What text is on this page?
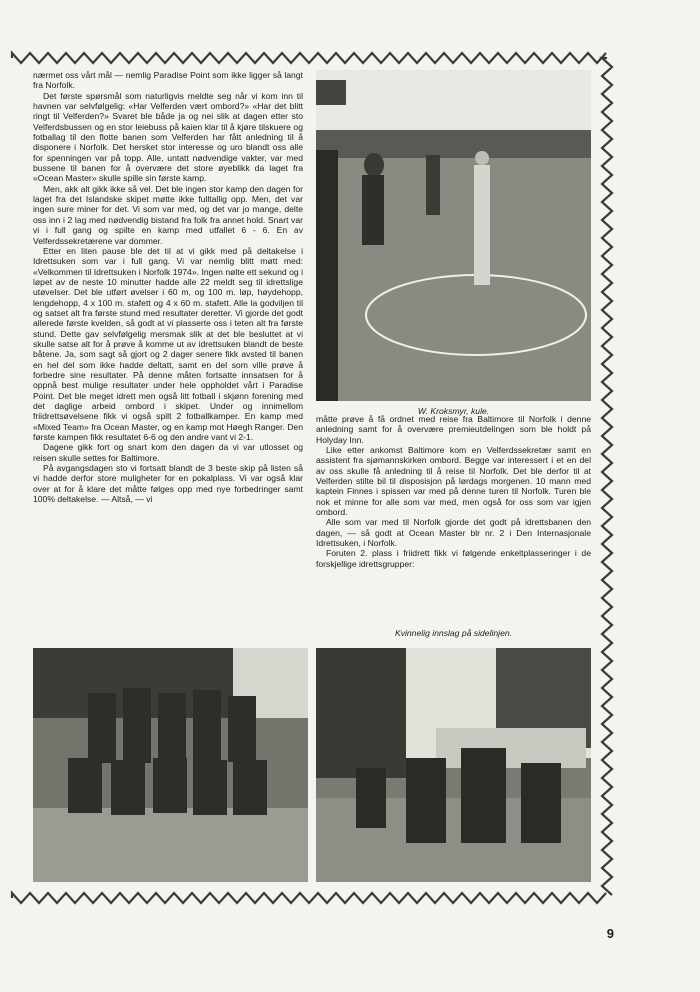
nærmet oss vårt mål — nemlig Paradise Point som ikke ligger så langt fra Norfolk.

Det første spørsmål som naturligvis meldte seg når vi kom inn til havnen var selvfølgelig: «Har Velferden vært ombord?» «Har det blitt ringt til Velferden?» Svaret ble både ja og nei slik at dagen etter sto Velferdsbussen og en stor leiebuss på kaien klar til å kjøre tilskuere og fotballag til den flotte banen som Velferden har fått anledning til å disponere i Norfolk. Det hersket stor interesse og uro blandt oss alle for spenningen var på topp. Alle, untatt nødvendige vakter, var med bussene til banen for å overvære det store øyeblikk da laget fra «Ocean Master» skulle spille sin første kamp.

Men, akk alt gikk ikke så vel. Det ble ingen stor kamp den dagen for laget fra det Islandske skipet møtte ikke fulltallig opp. Men, det var ingen sure miner for det. Vi som var med, og det var jo mange, delte oss inn i 2 lag med nødvendig bistand fra folk fra annet hold. Snart var vi i full gang og spilte en kamp med utfallet 6 - 6. En av Velferdssekretærene var dommer.

Etter en liten pause ble det til at vi gikk med på deltakelse i Idrettsuken som var i full gang. Vi var nemlig blitt møtt med: «Velkommen til Idrettsuken i Norfolk 1974». Ingen nølte ett sekund og i løpet av de neste 10 minutter hadde alle 22 meldt seg til idrettslige utøvelser. Det ble utført øvelser i 60 m, og 100 m. løp, høydehopp, lengdehopp, 4 x 100 m. stafett og 4 x 60 m. stafett. Alle la godviljen til og satset alt fra første stund med resultater deretter. Vi gjorde det godt allerede første kvelden, så godt at vi plasserte oss i teten alt fra første stund. Dette gav selvfølgelig mersmak slik at det ble besluttet at vi skulle satse alt for å prøve å komme ut av idrettsuken blandt de beste båtene. Ja, som sagt så gjort og 2 dager senere fikk avsted til banen en hel del som ikke hadde deltatt, samt en del som ville prøve å forbedre sine resultater. På denne måten fortsatte innsatsen for å oppnå best mulige resultater under hele oppholdet vårt i Paradise Point. Det ble meget idrett men også litt fotball i skjønn forening med det daglige arbeid ombord i skipet. Under og innimellom friidrettsøvelsene fikk vi også spilt 2 fotballkamper. En kamp med «Mixed Team» fra Ocean Master, og en kamp mot Høegh Ranger. Den første kampen fikk resultatet 6-6 og den andre vant vi 2-1.

Dagene gikk fort og snart kom den dagen da vi var utlosset og reisen skulle settes for Baltimore.

På avgangsdagen sto vi fortsatt blandt de 3 beste skip på listen så vi hadde derfor store muligheter for en pokalplass. Vi var også klar over at for å klare det måtte følges opp med nye forbedringer samt 100% deltakelse. — Altså, — vi

W. Kroksmyr, kule.

måtte prøve å få ordnet med reise fra Baltimore til Norfolk i denne anledning samt for å overvære premieutdelingen som ble holdt på Holyday Inn.

Like etter ankomst Baltimore kom en Velferdssekretær samt en assistent fra sjømannskirken ombord. Begge var interessert i et en del av oss skulle få anledning til å reise til Norfolk. Det ble derfor til at Velferden stilte bil til disposisjon på lørdags morgenen. 10 mann med kaptein Finnes i spissen var med på denne turen til Norfolk. Turen ble nok et minne for alle som var med, men også for oss som var igjen ombord.

Alle som var med til Norfolk gjorde det godt på idrettsbanen den dagen, — så godt at Ocean Master blr nr. 2 i Den Internasjonale Idrettsuken, i Norfolk.

Foruten 2. plass i friidrett fikk vi følgende enkeltplasseringer i de forskjellige idrettsgrupper:

Kvinnelig innslag på sidelinjen.
9
